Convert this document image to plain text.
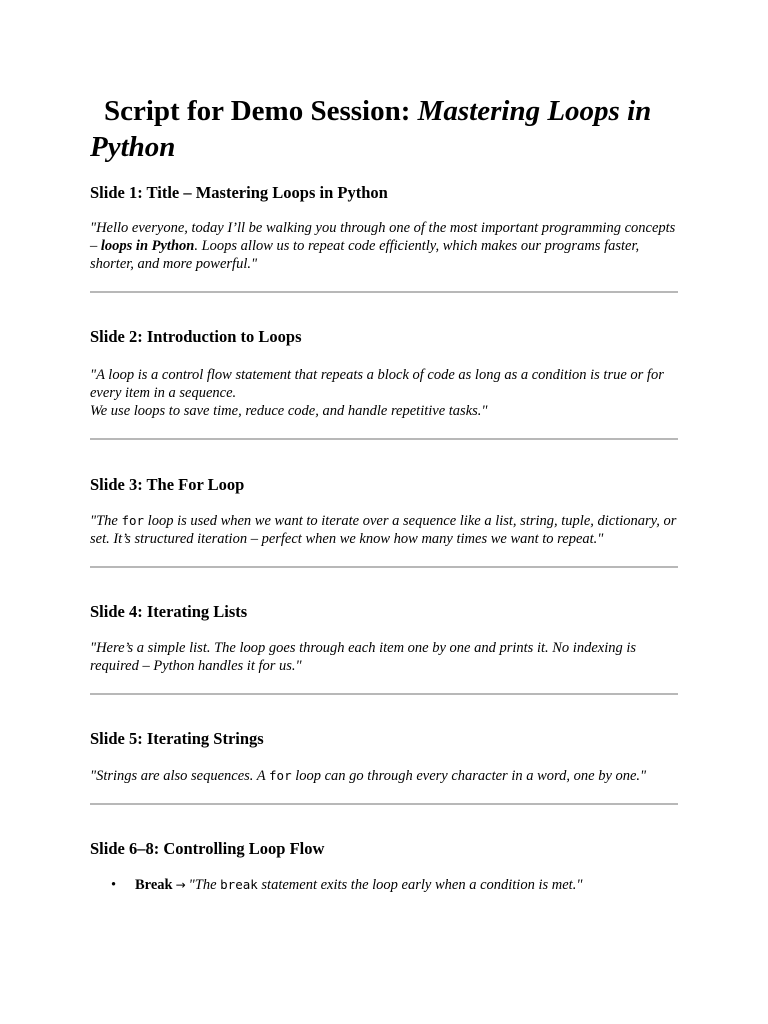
Script for Demo Session: Mastering Loops in Python
Slide 1: Title – Mastering Loops in Python

"Hello everyone, today I’ll be walking you through one of the most important programming concepts – loops in Python. Loops allow us to repeat code efficiently, which makes our programs faster, shorter, and more powerful."

Slide 2: Introduction to Loops

"A loop is a control flow statement that repeats a block of code as long as a condition is true or for every item in a sequence.
We use loops to save time, reduce code, and handle repetitive tasks."

Slide 3: The For Loop

"The for loop is used when we want to iterate over a sequence like a list, string, tuple, dictionary, or set. It’s structured iteration – perfect when we know how many times we want to repeat."

Slide 4: Iterating Lists

"Here’s a simple list. The loop goes through each item one by one and prints it. No indexing is required – Python handles it for us."

Slide 5: Iterating Strings

"Strings are also sequences. A for loop can go through every character in a word, one by one."

Slide 6–8: Controlling Loop Flow
• Break → "The break statement exits the loop early when a condition is met."
